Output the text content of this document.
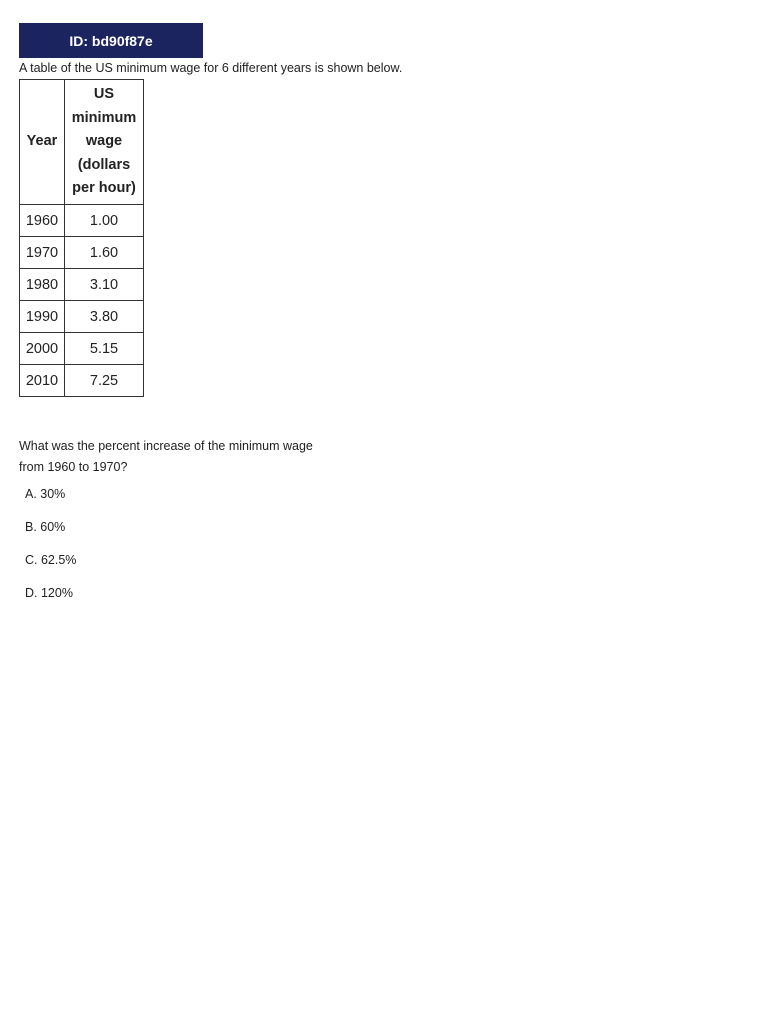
ID: bd90f87e
A table of the US minimum wage for 6 different years is shown below.
Year	US
minimum
wage
(dollars
per hour)
1960	1.00
1970	1.60
1980	3.10
1990	3.80
2000	5.15
2010	7.25
What was the percent increase of the minimum wage from 1960 to 1970?
A. 30%
B. 60%
C. 62.5%
D. 120%
